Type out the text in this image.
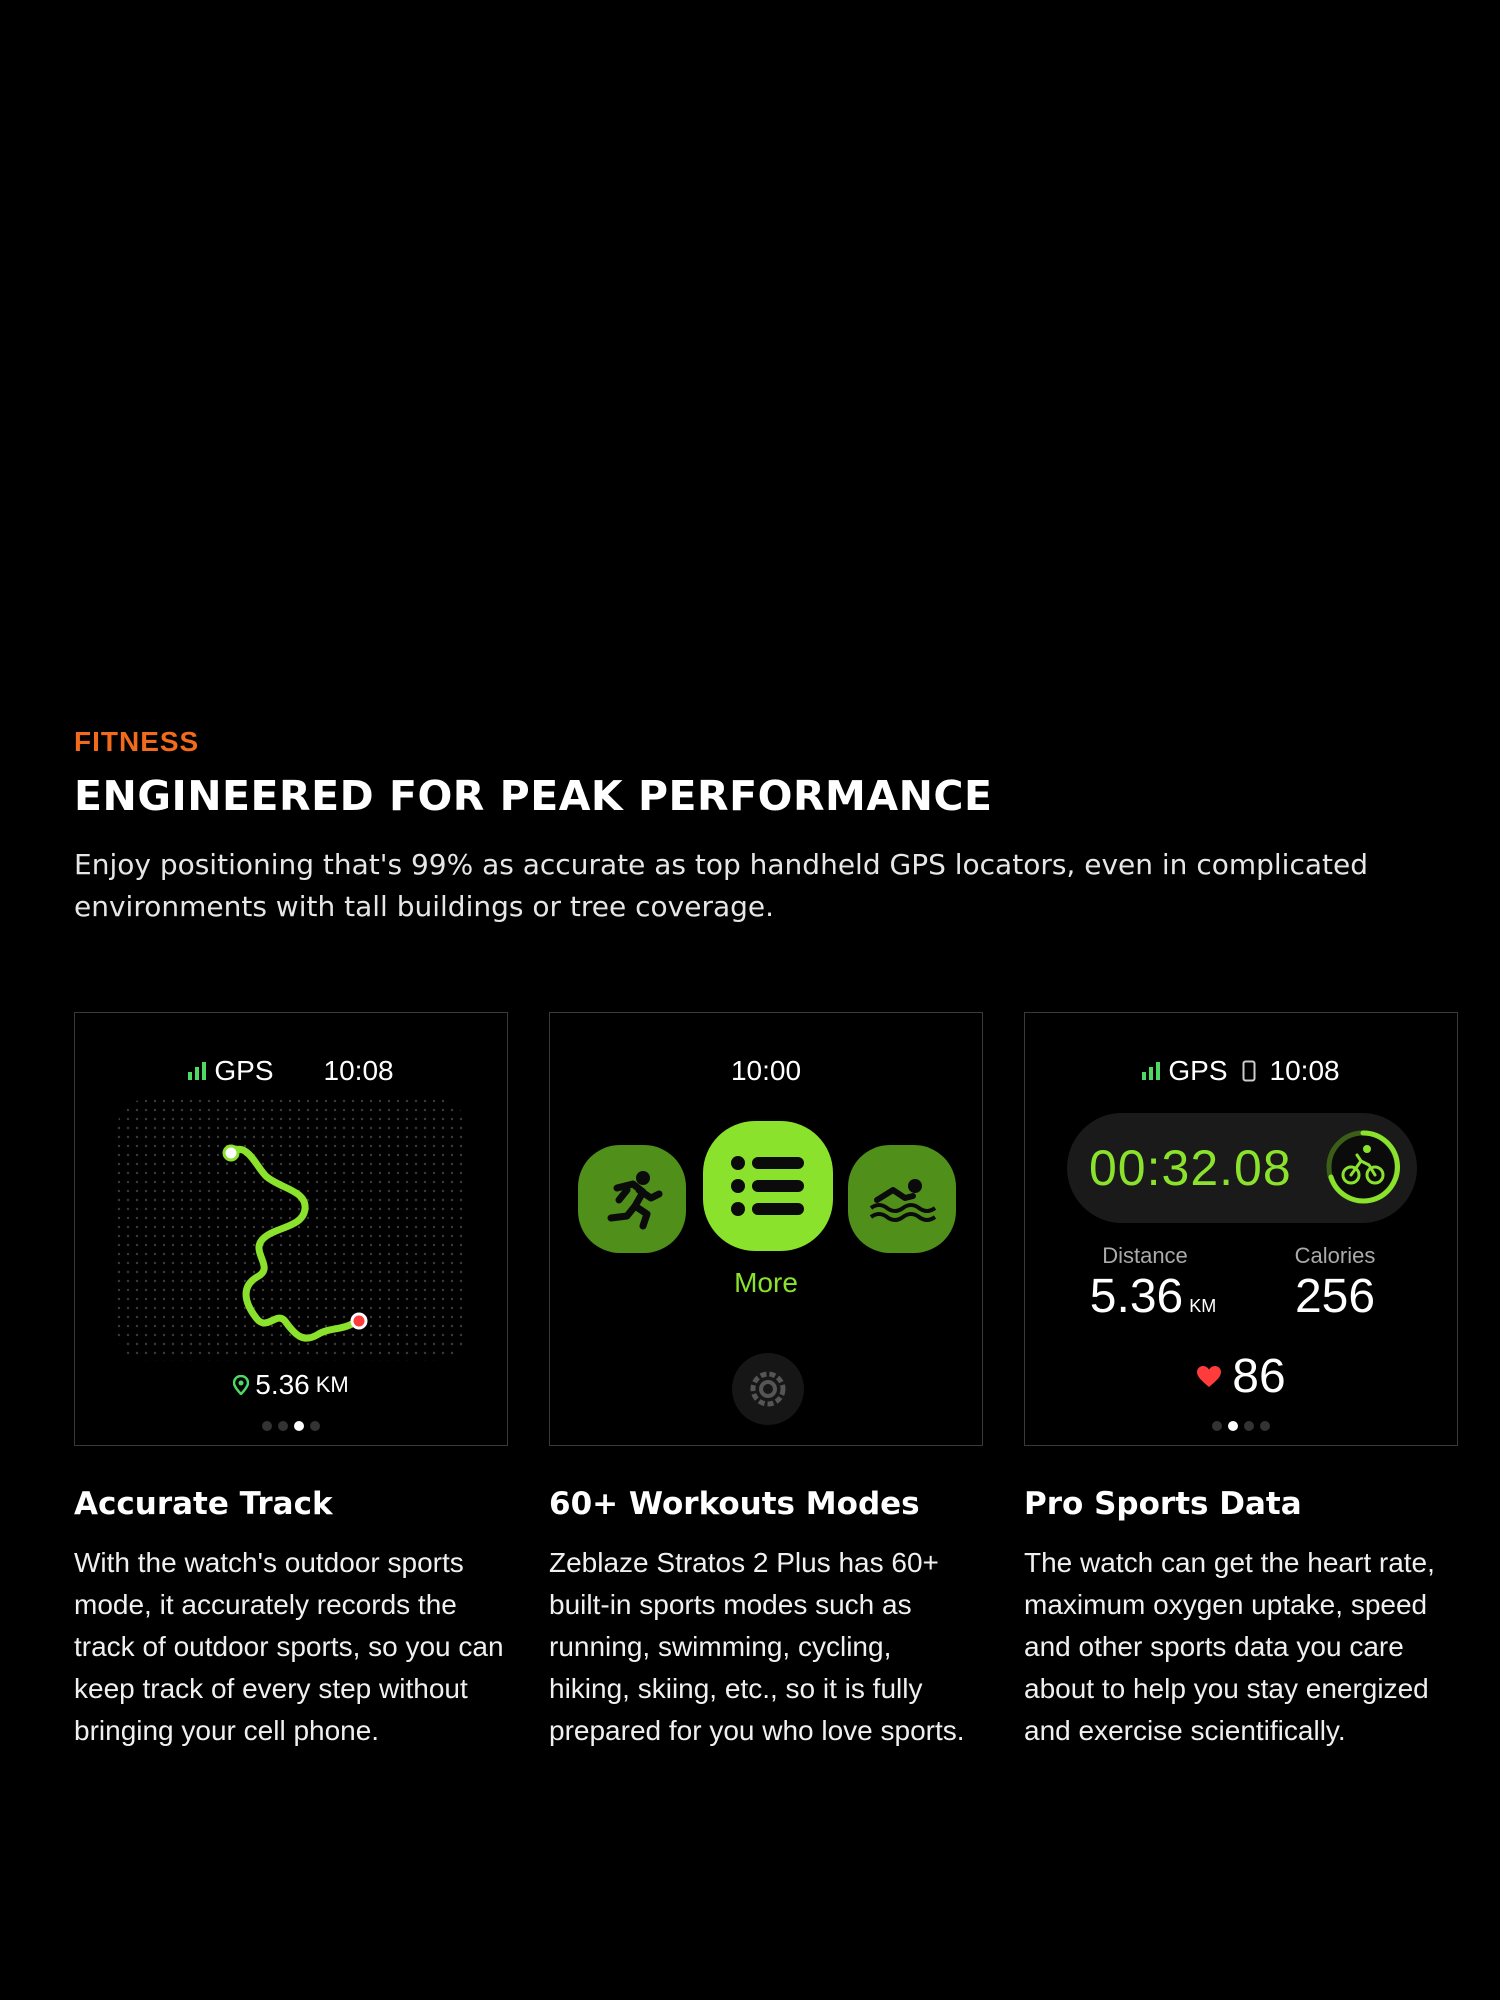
FITNESS
ENGINEERED FOR PEAK PERFORMANCE
Enjoy positioning that's 99% as accurate as top handheld GPS locators, even in complicated environments with tall buildings or tree coverage.
GPS 10:08
5.36 KM
10:00
More
GPS 10:08
00:32.08
Distance
5.36 KM
Calories
256
86
Accurate Track
With the watch's outdoor sports mode, it accurately records the track of outdoor sports, so you can keep track of every step without bringing your cell phone.
60+ Workouts Modes
Zeblaze Stratos 2 Plus has 60+ built-in sports modes such as running, swimming, cycling, hiking, skiing, etc., so it is fully prepared for you who love sports.
Pro Sports Data
The watch can get the heart rate, maximum oxygen uptake, speed and other sports data you care about to help you stay energized and exercise scientifically.
